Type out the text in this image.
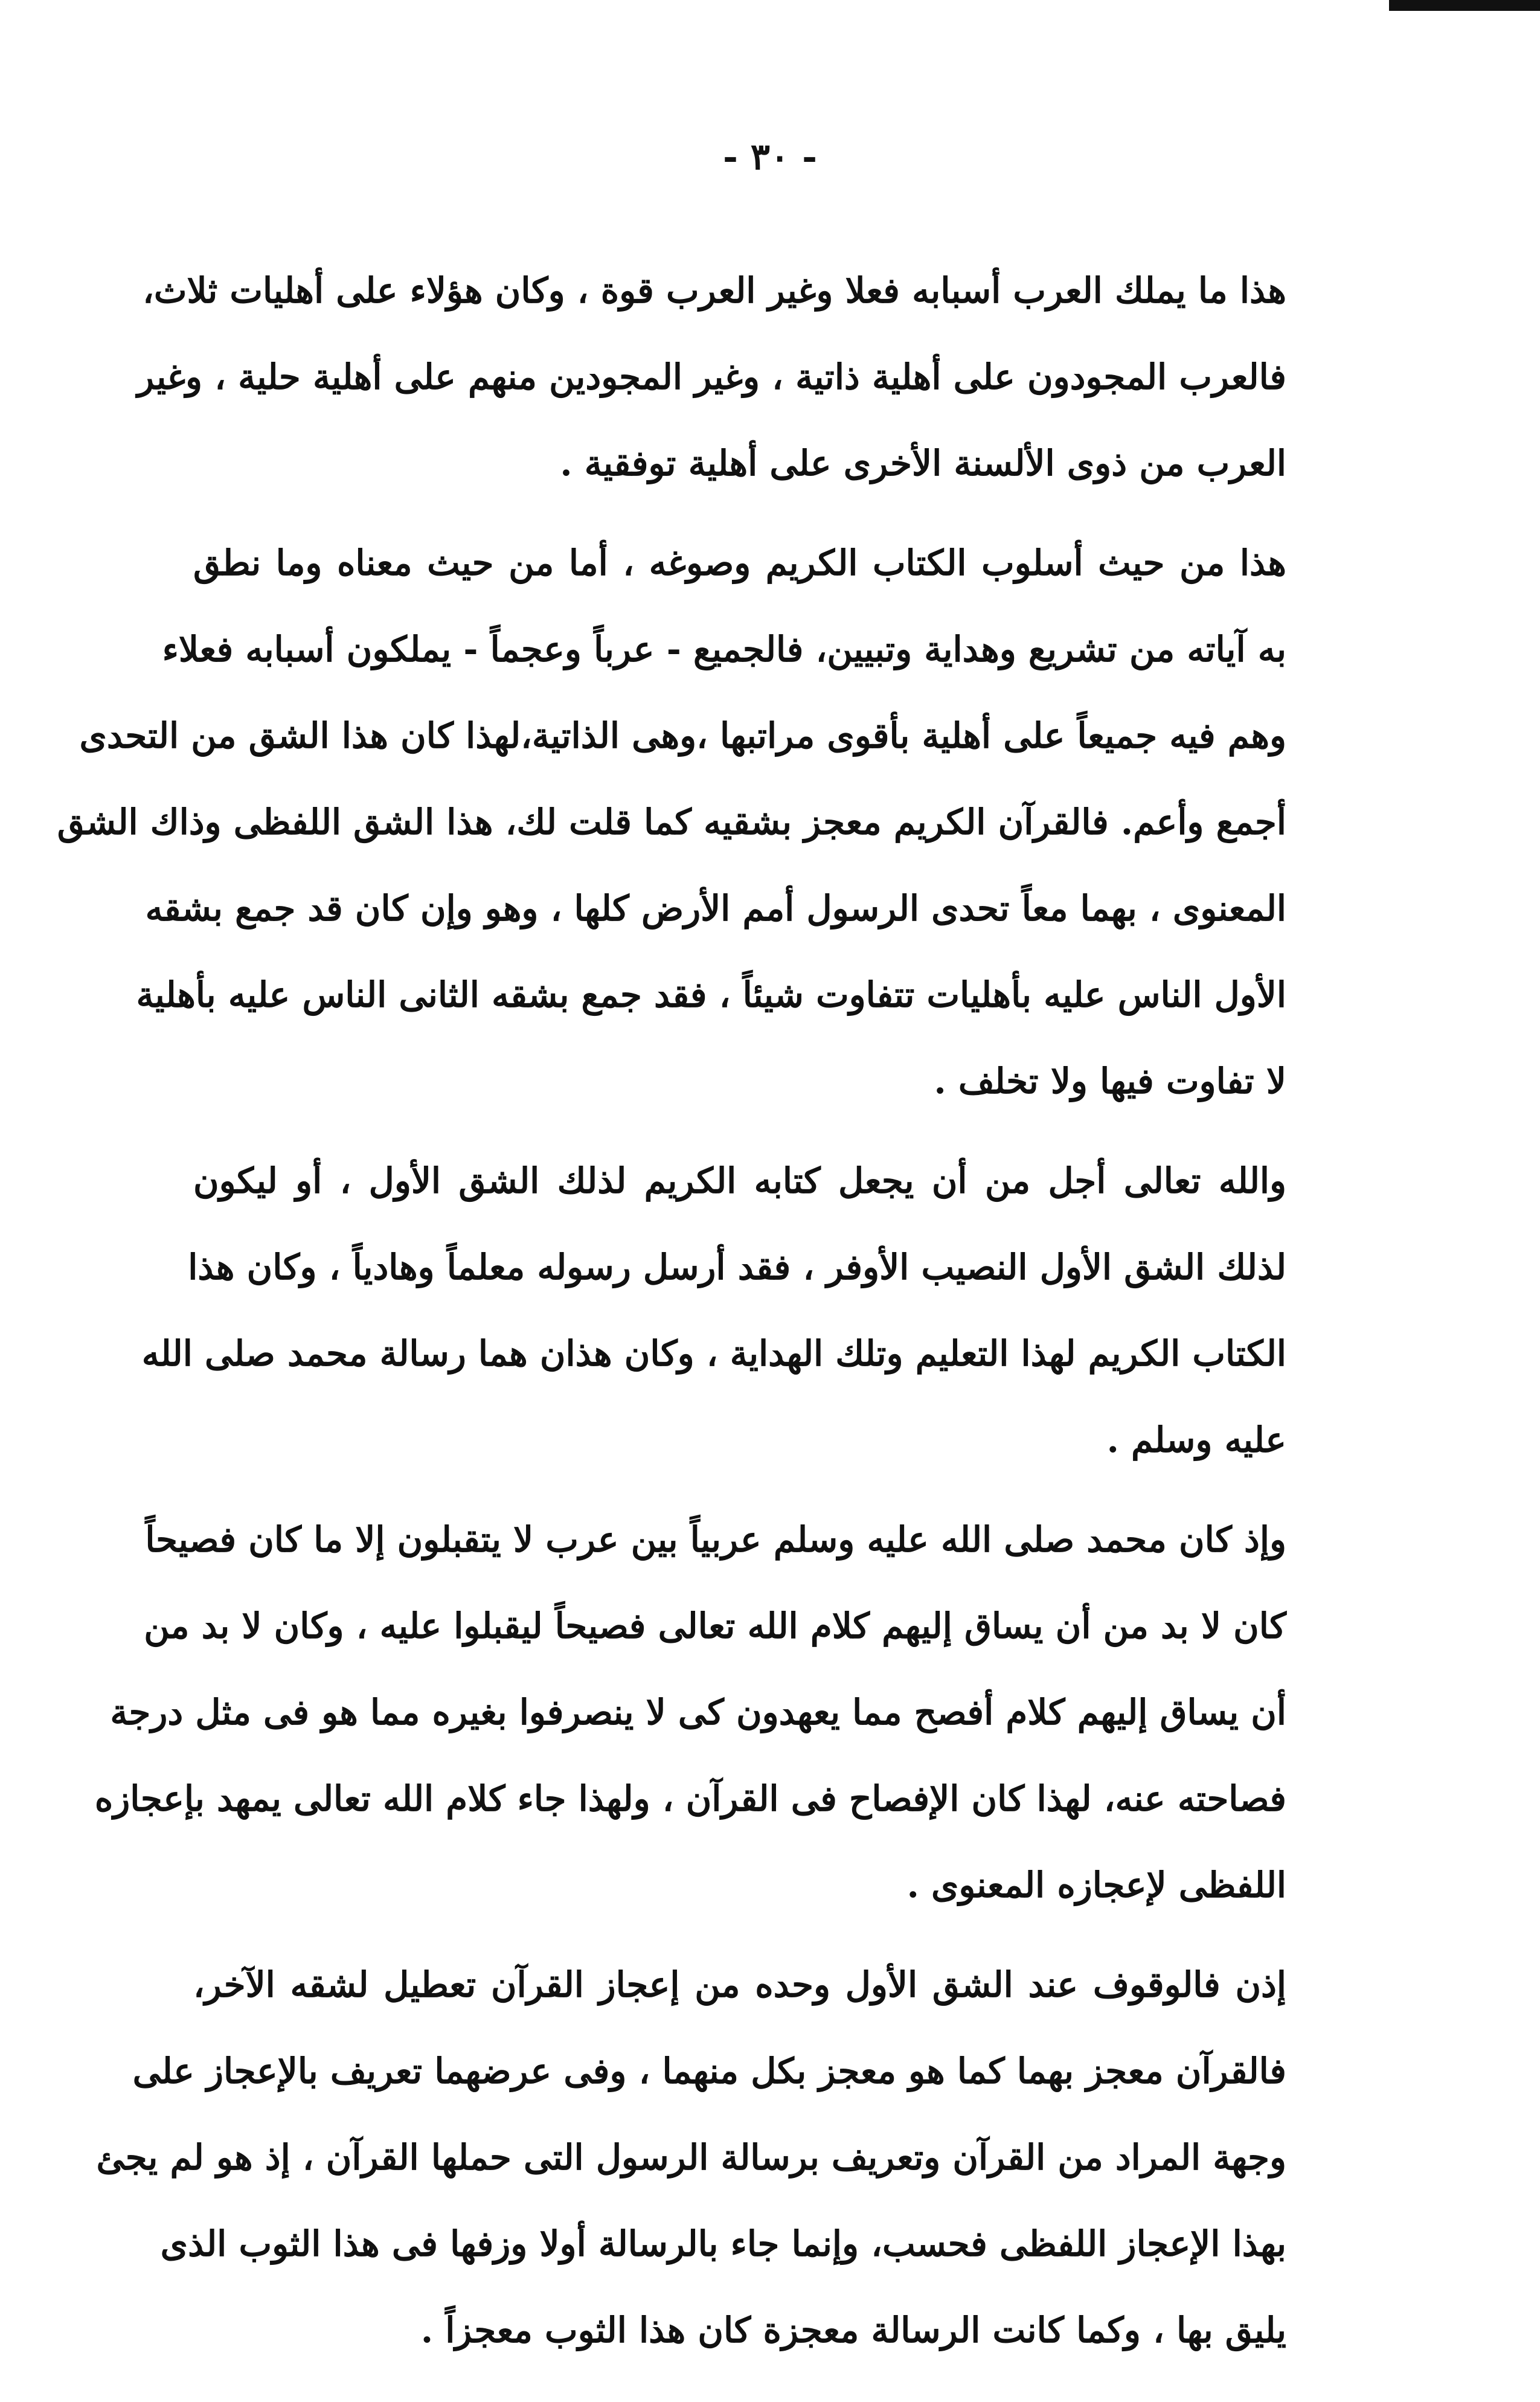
- ٣٠ -
هذا ما يملك العرب أسبابه فعلا وغير العرب قوة ، وكان هؤلاء على أهليات ثلاث،
فالعرب المجودون على أهلية ذاتية ، وغير المجودين منهم على أهلية حلية ، وغير
العرب من ذوى الألسنة الأخرى على أهلية توفقية .
هذا من حيث أسلوب الكتاب الكريم وصوغه ، أما من حيث معناه وما نطق
به آياته من تشريع وهداية وتبيين، فالجميع - عرباً وعجماً - يملكون أسبابه فعلاء
وهم فيه جميعاً على أهلية بأقوى مراتبها ،وهى الذاتية،لهذا كان هذا الشق من التحدى
أجمع وأعم. فالقرآن الكريم معجز بشقيه كما قلت لك، هذا الشق اللفظى وذاك الشق
المعنوى ، بهما معاً تحدى الرسول أمم الأرض كلها ، وهو وإن كان قد جمع بشقه
الأول الناس عليه بأهليات تتفاوت شيئاً ، فقد جمع بشقه الثانى الناس عليه بأهلية
لا تفاوت فيها ولا تخلف .
والله تعالى أجل من أن يجعل كتابه الكريم لذلك الشق الأول ، أو ليكون
لذلك الشق الأول النصيب الأوفر ، فقد أرسل رسوله معلماً وهادياً ، وكان هذا
الكتاب الكريم لهذا التعليم وتلك الهداية ، وكان هذان هما رسالة محمد صلى الله
عليه وسلم .
وإذ كان محمد صلى الله عليه وسلم عربياً بين عرب لا يتقبلون إلا ما كان فصيحاً
كان لا بد من أن يساق إليهم كلام الله تعالى فصيحاً ليقبلوا عليه ، وكان لا بد من
أن يساق إليهم كلام أفصح مما يعهدون كى لا ينصرفوا بغيره مما هو فى مثل درجة
فصاحته عنه، لهذا كان الإفصاح فى القرآن ، ولهذا جاء كلام الله تعالى يمهد بإعجازه
اللفظى لإعجازه المعنوى .
إذن فالوقوف عند الشق الأول وحده من إعجاز القرآن تعطيل لشقه الآخر،
فالقرآن معجز بهما كما هو معجز بكل منهما ، وفى عرضهما تعريف بالإعجاز على
وجهة المراد من القرآن وتعريف برسالة الرسول التى حملها القرآن ، إذ هو لم يجئ
بهذا الإعجاز اللفظى فحسب، وإنما جاء بالرسالة أولا وزفها فى هذا الثوب الذى
يليق بها ، وكما كانت الرسالة معجزة كان هذا الثوب معجزاً .
